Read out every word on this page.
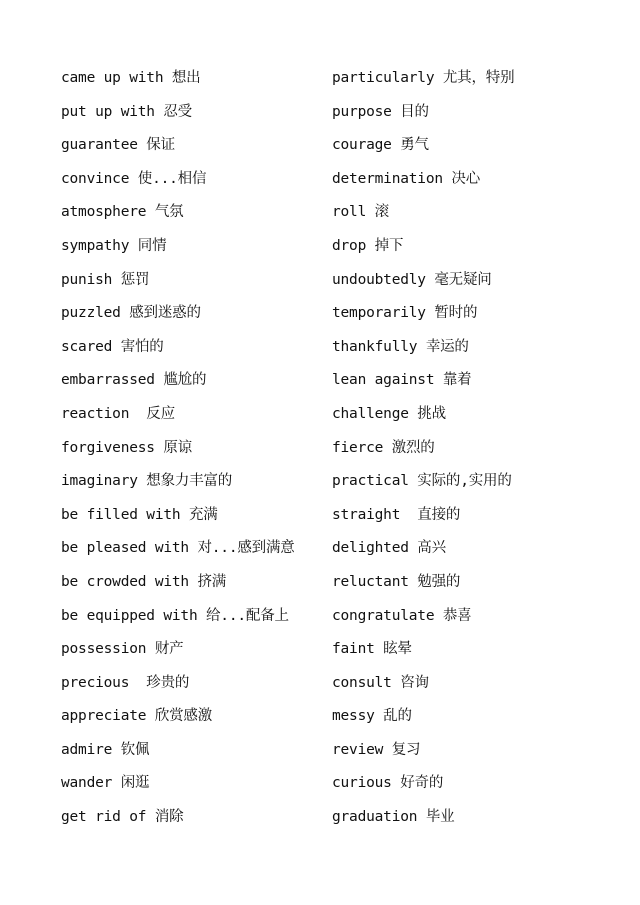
came up with 想出
put up with 忍受
guarantee 保证
convince 使...相信
atmosphere 气氛
sympathy 同情
punish 惩罚
puzzled 感到迷惑的
scared 害怕的
embarrassed 尴尬的
reaction  反应
forgiveness 原谅
imaginary 想象力丰富的
be filled with 充满
be pleased with 对...感到满意
be crowded with 挤满
be equipped with 给...配备上
possession 财产
precious  珍贵的
appreciate 欣赏感激
admire 钦佩
wander 闲逛
get rid of 消除
particularly 尤其，特别
purpose 目的
courage 勇气
determination 决心
roll 滚
drop 掉下
undoubtedly 毫无疑问
temporarily 暂时的
thankfully 幸运的
lean against 靠着
challenge 挑战
fierce 激烈的
practical 实际的,实用的
straight  直接的
delighted 高兴
reluctant 勉强的
congratulate 恭喜
faint 眩晕
consult 咨询
messy 乱的
review 复习
curious 好奇的
graduation 毕业
